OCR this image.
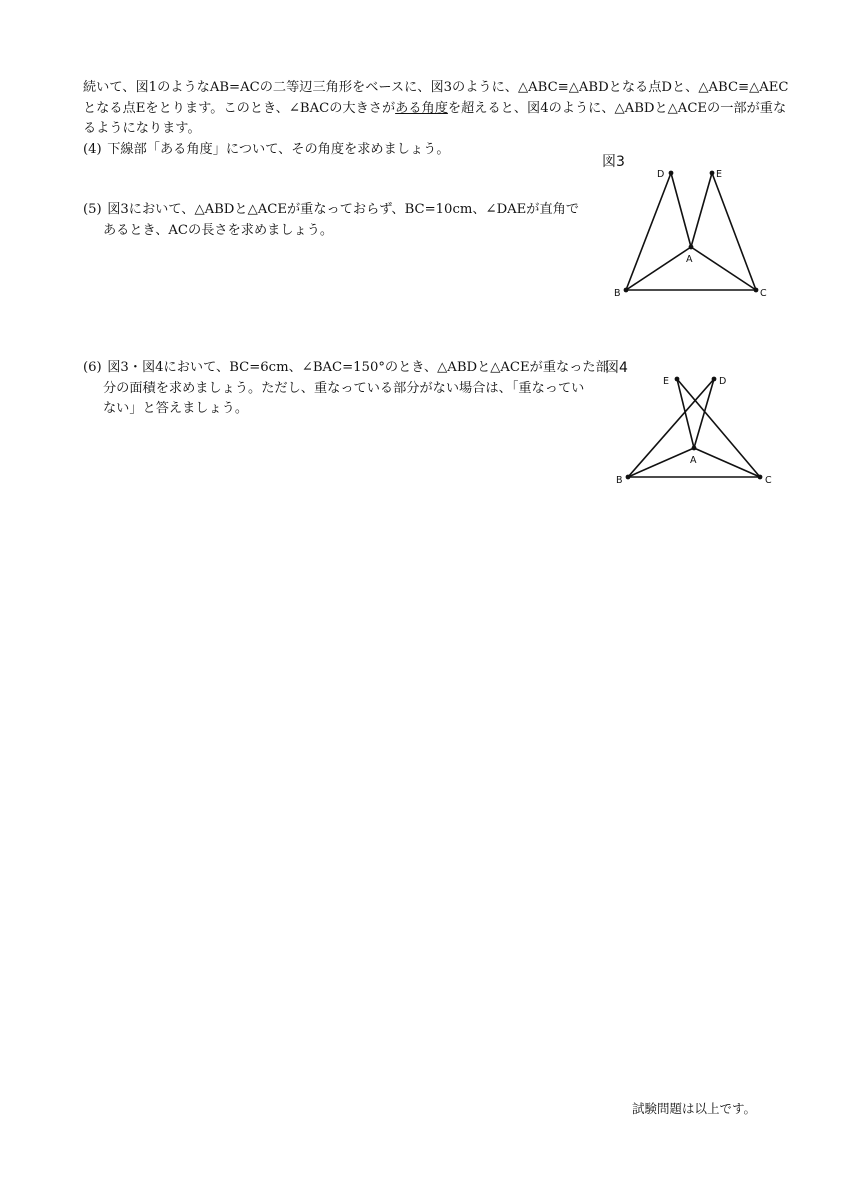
続いて、図1のようなAB=ACの二等辺三角形をベースに、図3のように、△ABC≡△ABDとなる点Dと、△ABC≡△AEC
となる点Eをとります。このとき、∠BACの大きさがある角度を超えると、図4のように、△ABDと△ACEの一部が重な
るようになります。
(4) 下線部「ある角度」について、その角度を求めましょう。
(5) 図3において、△ABDと△ACEが重なっておらず、BC=10cm、∠DAEが直角で
あるとき、ACの長さを求めましょう。
(6) 図3・図4において、BC=6cm、∠BAC=150°のとき、△ABDと△ACEが重なった部
分の面積を求めましょう。ただし、重なっている部分がない場合は、「重なってい
ない」と答えましょう。
図3
図4
D	E
A
B	C
E	D
A
B	C
試験問題は以上です。
